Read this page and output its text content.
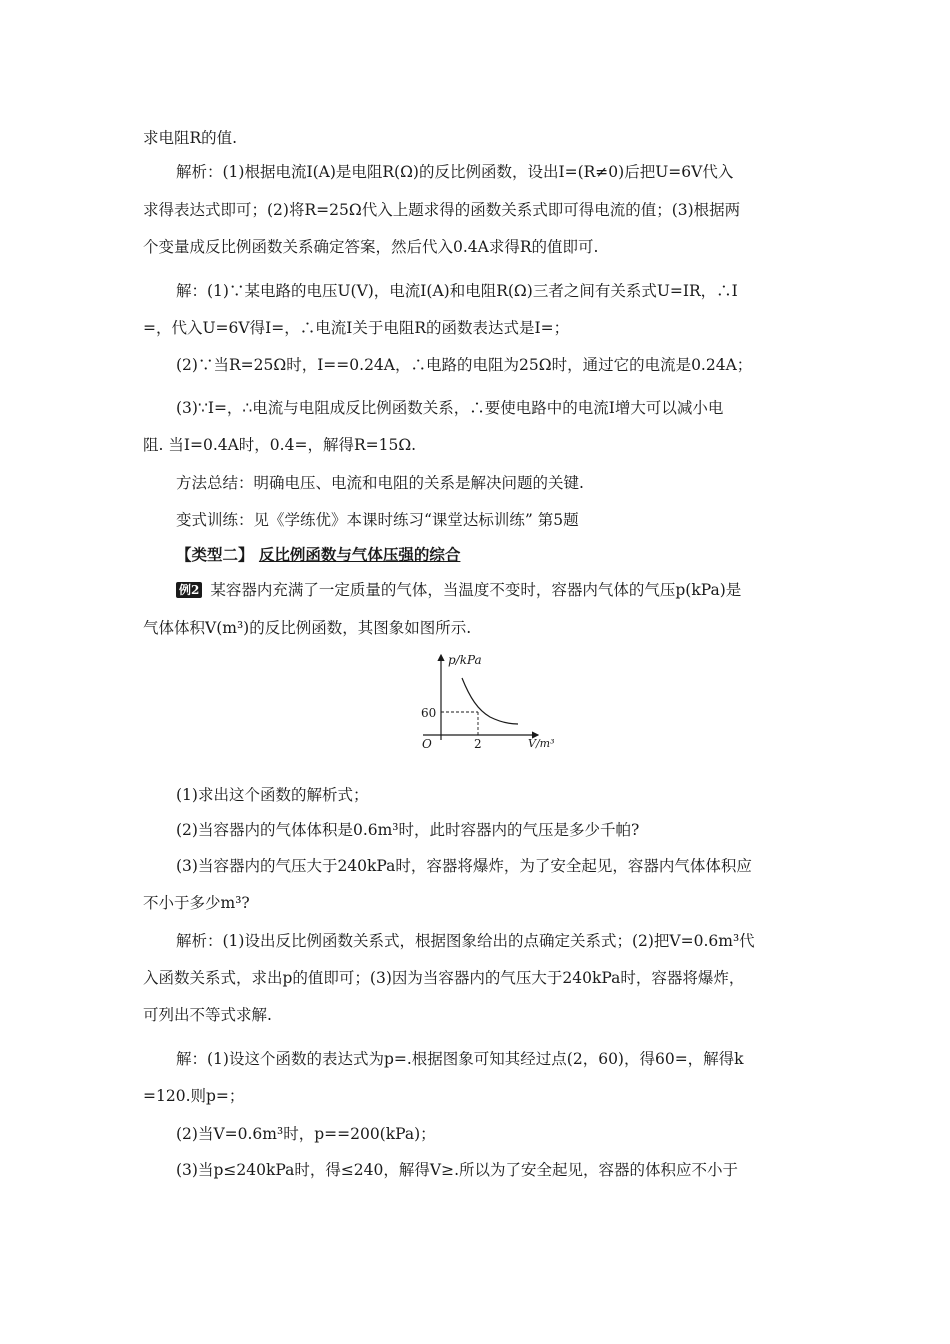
求电阻R的值.
解析：(1)根据电流I(A)是电阻R(Ω)的反比例函数，设出I=(R≠0)后把U=6V代入
求得表达式即可；(2)将R=25Ω代入上题求得的函数关系式即可得电流的值；(3)根据两
个变量成反比例函数关系确定答案，然后代入0.4A求得R的值即可.
解：(1)∵某电路的电压U(V)，电流I(A)和电阻R(Ω)三者之间有关系式U=IR，∴I
=，代入U=6V得I=，∴电流I关于电阻R的函数表达式是I=；
(2)∵当R=25Ω时，I==0.24A，∴电路的电阻为25Ω时，通过它的电流是0.24A；
(3)∵I=，∴电流与电阻成反比例函数关系，∴要使电路中的电流I增大可以减小电
阻. 当I=0.4A时，0.4=，解得R=15Ω.
方法总结：明确电压、电流和电阻的关系是解决问题的关键.
变式训练：见《学练优》本课时练习“课堂达标训练” 第5题
【类型二】 反比例函数与气体压强的综合
例2 某容器内充满了一定质量的气体，当温度不变时，容器内气体的气压p(kPa)是
气体体积V(m³)的反比例函数，其图象如图所示.
p/kPa
V/m³
O	2
60
(1)求出这个函数的解析式；
(2)当容器内的气体体积是0.6m³时，此时容器内的气压是多少千帕?
(3)当容器内的气压大于240kPa时，容器将爆炸，为了安全起见，容器内气体体积应
不小于多少m³?
解析：(1)设出反比例函数关系式，根据图象给出的点确定关系式；(2)把V=0.6m³代
入函数关系式，求出p的值即可；(3)因为当容器内的气压大于240kPa时，容器将爆炸，
可列出不等式求解.
解：(1)设这个函数的表达式为p=.根据图象可知其经过点(2，60)，得60=，解得k
=120.则p=；
(2)当V=0.6m³时，p==200(kPa)；
(3)当p≤240kPa时，得≤240，解得V≥.所以为了安全起见，容器的体积应不小于
